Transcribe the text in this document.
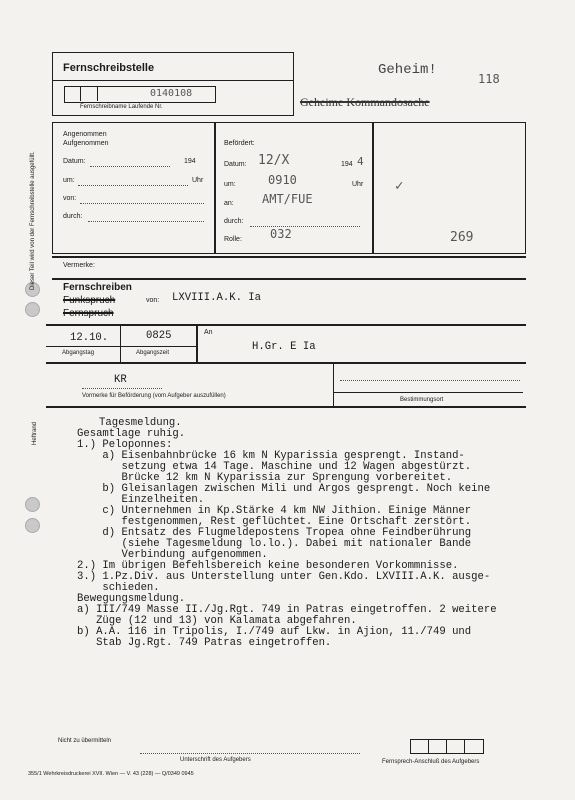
Dieser Teil wird von der Fernschreibstelle ausgefüllt.
Heftrand
Fernschreibstelle
0140108
Fernschreibname Laufende Nr.
Geheim!
118
Geheime Kommandosache
Angenommen
Aufgenommen
Datum:	194
um:	Uhr
von:
durch:
Befördert:
Datum: 12/X	194 4
um:	0910	Uhr
an: AMT/FUE
durch:
Rolle: 032	269
✓
Vermerke:
Fernschreiben
Funkspruch
Fernspruch
von: LXVIII.A.K. Ia
12.10.	0825
Abgangstag	Abgangszeit
An
H.Gr. E Ia
KR
Vormerke für Beförderung (vom Aufgeber auszufüllen)
Bestimmungsort
Tagesmeldung.
Gesamtlage ruhig.
1.) Peloponnes:
a) Eisenbahnbrücke 16 km N Kyparissia gesprengt. Instand-
setzung etwa 14 Tage. Maschine und 12 Wagen abgestürzt.
Brücke 12 km N Kyparissia zur Sprengung vorbereitet.
b) Gleisanlagen zwischen Mili und Argos gesprengt. Noch keine
Einzelheiten.
c) Unternehmen in Kp.Stärke 4 km NW Jithion. Einige Männer
festgenommen, Rest geflüchtet. Eine Ortschaft zerstört.
d) Entsatz des Flugmeldepostens Tropea ohne Feindberührung
(siehe Tagesmeldung lo.lo.). Dabei mit nationaler Bande
Verbindung aufgenommen.
2.) Im übrigen Befehlsbereich keine besonderen Vorkommnisse.
3.) 1.Pz.Div. aus Unterstellung unter Gen.Kdo. LXVIII.A.K. ausge-
schieden.
Bewegungsmeldung.
a) III/749 Masse II./Jg.Rgt. 749 in Patras eingetroffen. 2 weitere
Züge (12 und 13) von Kalamata abgefahren.
b) A.A. 116 in Tripolis, I./749 auf Lkw. in Ajion, 11./749 und
Stab Jg.Rgt. 749 Patras eingetroffen.
Nicht zu übermitteln
Unterschrift des Aufgebers	Fernsprech-Anschluß des Aufgebers
355/1 Wehrkreisdruckerei XVII. Wien — V. 43 (228) — Q/0349 0945
